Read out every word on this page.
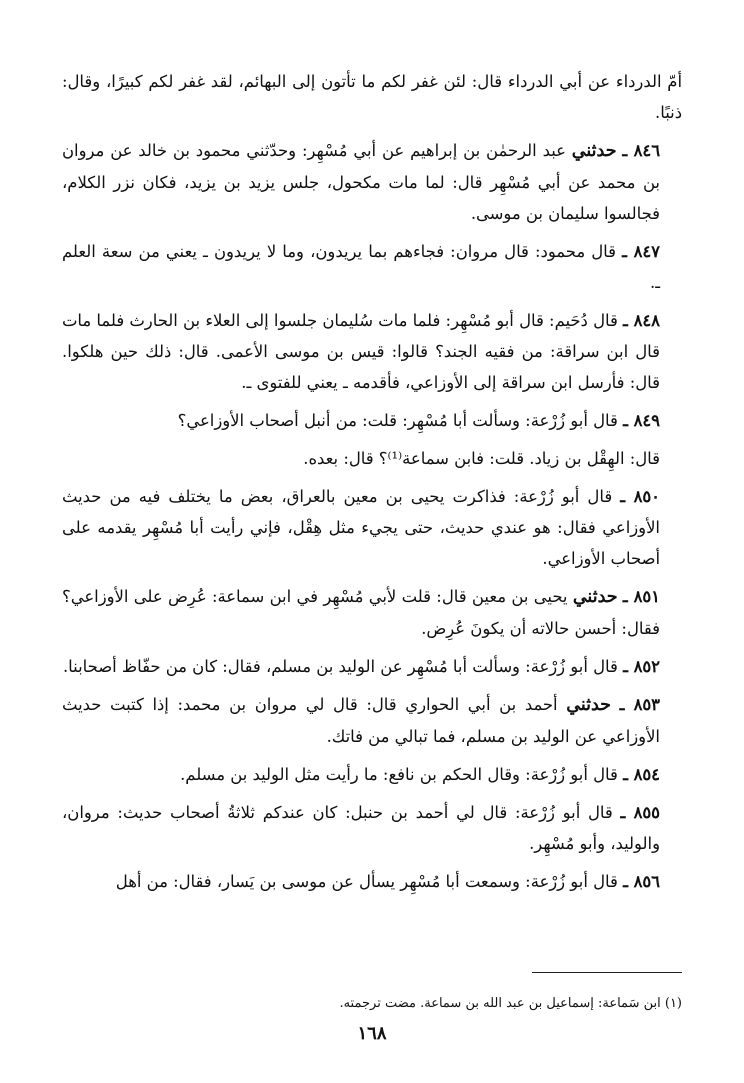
أمّ الدرداء عن أبي الدرداء قال: لئن غفر لكم ما تأتون إلى البهائم، لقد غفر لكم كبيرًا، وقال: ذنبًا.

٨٤٦ ـ حدثني عبد الرحمٰن بن إبراهيم عن أبي مُسْهِر: وحدّثني محمود بن خالد عن مروان بن محمد عن أبي مُسْهِر قال: لما مات مكحول، جلس يزيد بن يزيد، فكان نزر الكلام، فجالسوا سليمان بن موسى.

٨٤٧ ـ قال محمود: قال مروان: فجاءهم بما يريدون، وما لا يريدون ـ يعني من سعة العلم ـ.

٨٤٨ ـ قال دُحَيم: قال أبو مُسْهِر: فلما مات سُليمان جلسوا إلى العلاء بن الحارث فلما مات قال ابن سراقة: من فقيه الجند؟ قالوا: قيس بن موسى الأعمى. قال: ذلك حين هلكوا. قال: فأرسل ابن سراقة إلى الأوزاعي، فأقدمه ـ يعني للفتوى ـ.

٨٤٩ ـ قال أبو زُرْعة: وسألت أبا مُسْهِر: قلت: من أنبل أصحاب الأوزاعي؟

قال: الهِقْل بن زياد. قلت: فابن سماعة⁽¹⁾؟ قال: بعده.

٨٥٠ ـ قال أبو زُرْعة: فذاكرت يحيى بن معين بالعراق، بعض ما يختلف فيه من حديث الأوزاعي فقال: هو عندي حديث، حتى يجيء مثل هِقْل، فإني رأيت أبا مُسْهِر يقدمه على أصحاب الأوزاعي.

٨٥١ ـ حدثني يحيى بن معين قال: قلت لأبي مُسْهِر في ابن سماعة: عُرِض على الأوزاعي؟ فقال: أحسن حالاته أن يكونَ عُرِض.

٨٥٢ ـ قال أبو زُرْعة: وسألت أبا مُسْهِر عن الوليد بن مسلم، فقال: كان من حفّاظ أصحابنا.

٨٥٣ ـ حدثني أحمد بن أبي الحواري قال: قال لي مروان بن محمد: إذا كتبت حديث الأوزاعي عن الوليد بن مسلم، فما تبالي من فاتك.

٨٥٤ ـ قال أبو زُرْعة: وقال الحكم بن نافع: ما رأيت مثل الوليد بن مسلم.

٨٥٥ ـ قال أبو زُرْعة: قال لي أحمد بن حنبل: كان عندكم ثلاثةُ أصحاب حديث: مروان، والوليد، وأبو مُسْهِر.

٨٥٦ ـ قال أبو زُرْعة: وسمعت أبا مُسْهِر يسأل عن موسى بن يَسار، فقال: من أهل

(١) ابن سَماعة: إسماعيل بن عبد الله بن سماعة. مضت ترجمته.
١٦٨
